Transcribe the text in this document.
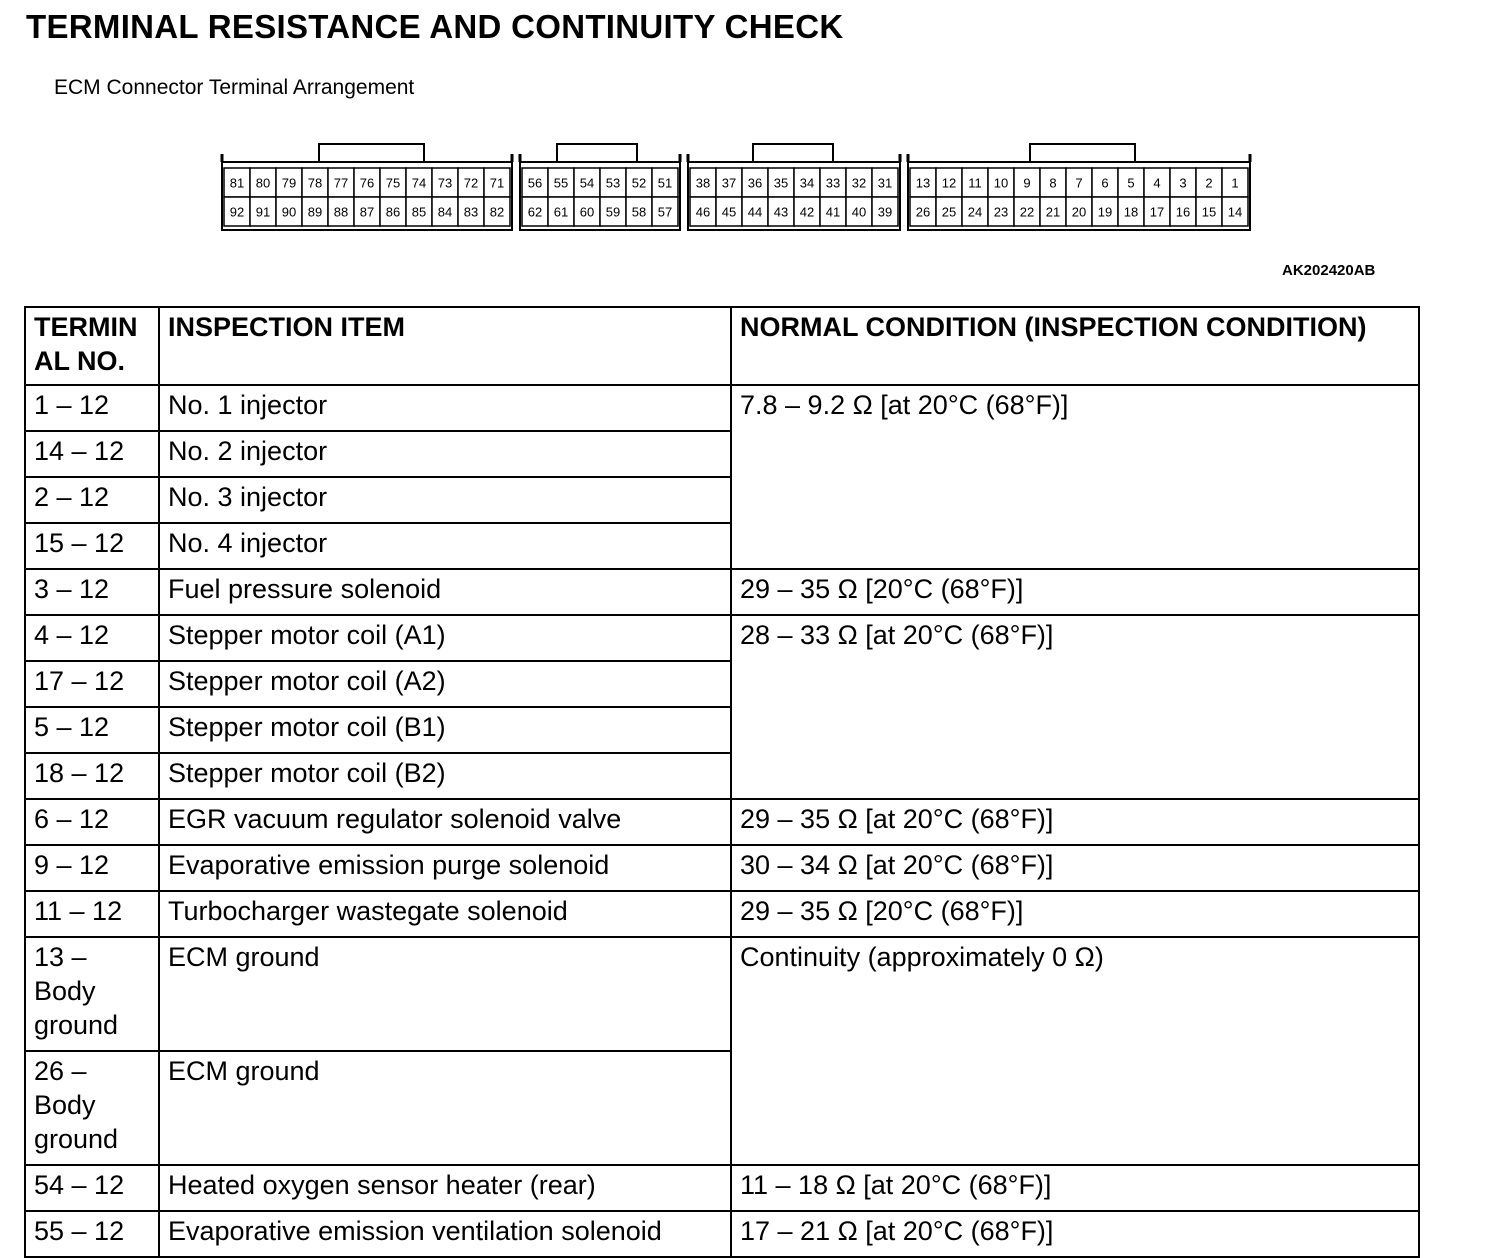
TERMINAL RESISTANCE AND CONTINUITY CHECK
ECM Connector Terminal Arrangement
81 80 79 78 77 76 75 74 73 72 71
92 91 90 89 88 87 86 85 84 83 82
56 55 54 53 52 51
62 61 60 59 58 57
38 37 36 35 34 33 32 31
46 45 44 43 42 41 40 39
13 12 11 10 9 8 7 6 5 4 3 2 1
26 25 24 23 22 21 20 19 18 17 16 15 14
AK202420AB
TERMIN AL NO.	INSPECTION ITEM	NORMAL CONDITION (INSPECTION CONDITION)
1 – 12	No. 1 injector	7.8 – 9.2 Ω [at 20°C (68°F)]
14 – 12	No. 2 injector	
2 – 12	No. 3 injector	
15 – 12	No. 4 injector	
3 – 12	Fuel pressure solenoid	29 – 35 Ω [20°C (68°F)]
4 – 12	Stepper motor coil (A1)	28 – 33 Ω [at 20°C (68°F)]
17 – 12	Stepper motor coil (A2)	
5 – 12	Stepper motor coil (B1)	
18 – 12	Stepper motor coil (B2)	
6 – 12	EGR vacuum regulator solenoid valve	29 – 35 Ω [at 20°C (68°F)]
9 – 12	Evaporative emission purge solenoid	30 – 34 Ω [at 20°C (68°F)]
11 – 12	Turbocharger wastegate solenoid	29 – 35 Ω [20°C (68°F)]
13 – Body ground	ECM ground	Continuity (approximately 0 Ω)
26 – Body ground	ECM ground	
54 – 12	Heated oxygen sensor heater (rear)	11 – 18 Ω [at 20°C (68°F)]
55 – 12	Evaporative emission ventilation solenoid	17 – 21 Ω [at 20°C (68°F)]
